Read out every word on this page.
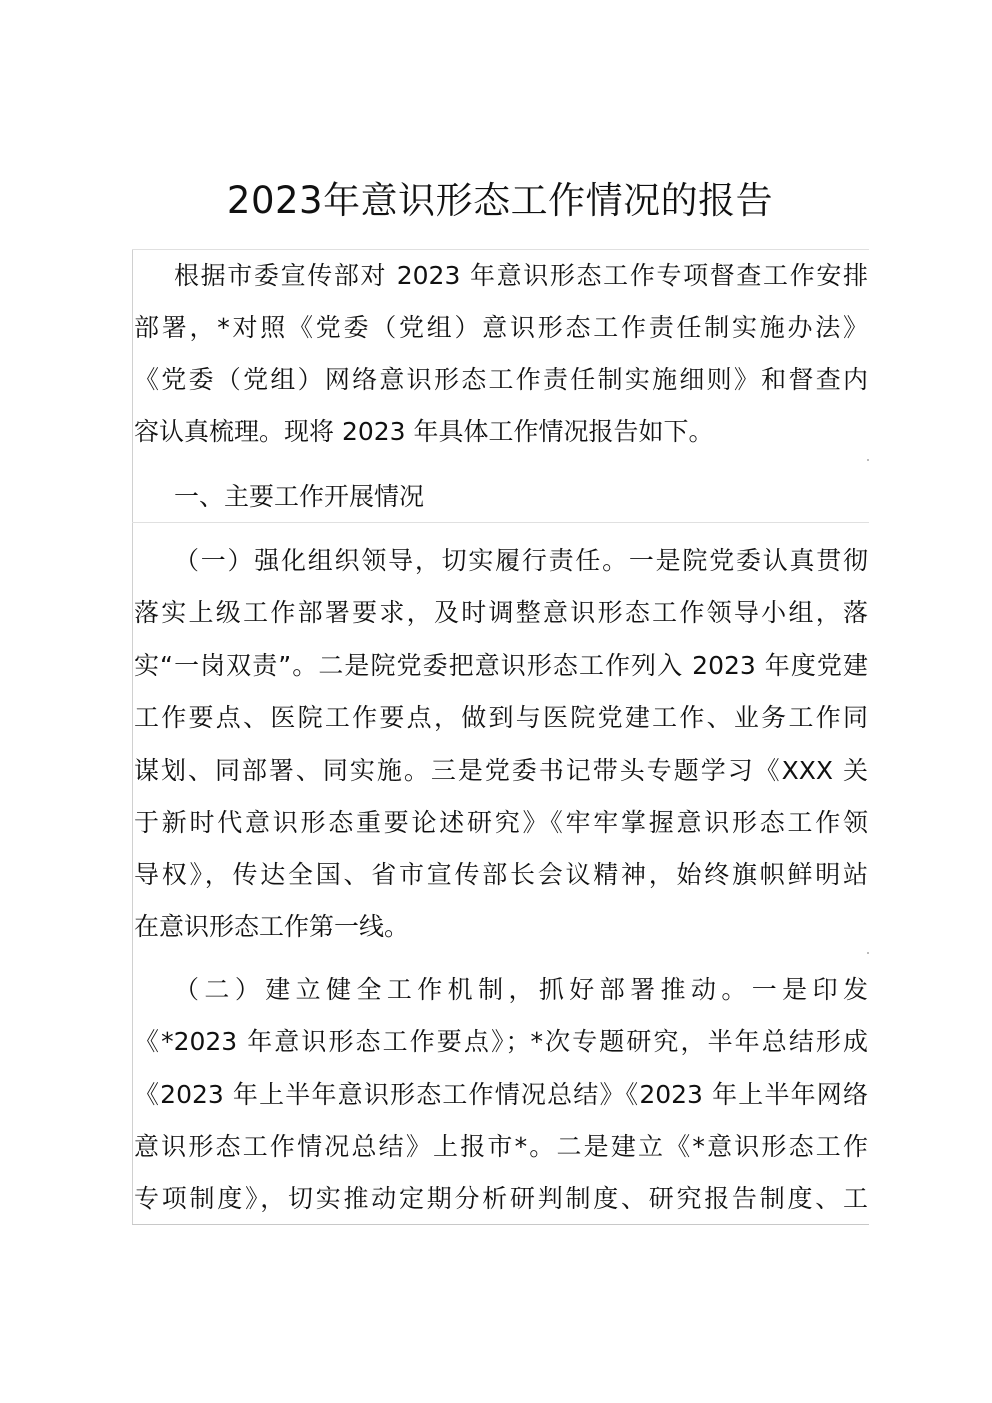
2023年意识形态工作情况的报告
根据市委宣传部对 2023 年意识形态工作专项督查工作安排
部署，*对照《党委（党组）意识形态工作责任制实施办法》
《党委（党组）网络意识形态工作责任制实施细则》和督查内
容认真梳理。现将 2023 年具体工作情况报告如下。
一、主要工作开展情况
（一）强化组织领导，切实履行责任。一是院党委认真贯彻
落实上级工作部署要求，及时调整意识形态工作领导小组，落
实“一岗双责”。二是院党委把意识形态工作列入 2023 年度党建
工作要点、医院工作要点，做到与医院党建工作、业务工作同
谋划、同部署、同实施。三是党委书记带头专题学习《XXX 关
于新时代意识形态重要论述研究》《牢牢掌握意识形态工作领
导权》，传达全国、省市宣传部长会议精神，始终旗帜鲜明站
在意识形态工作第一线。
（二）建立健全工作机制，抓好部署推动。一是印发
《*2023 年意识形态工作要点》；*次专题研究，半年总结形成
《2023 年上半年意识形态工作情况总结》《2023 年上半年网络
意识形态工作情况总结》上报市*。二是建立《*意识形态工作
专项制度》，切实推动定期分析研判制度、研究报告制度、工
